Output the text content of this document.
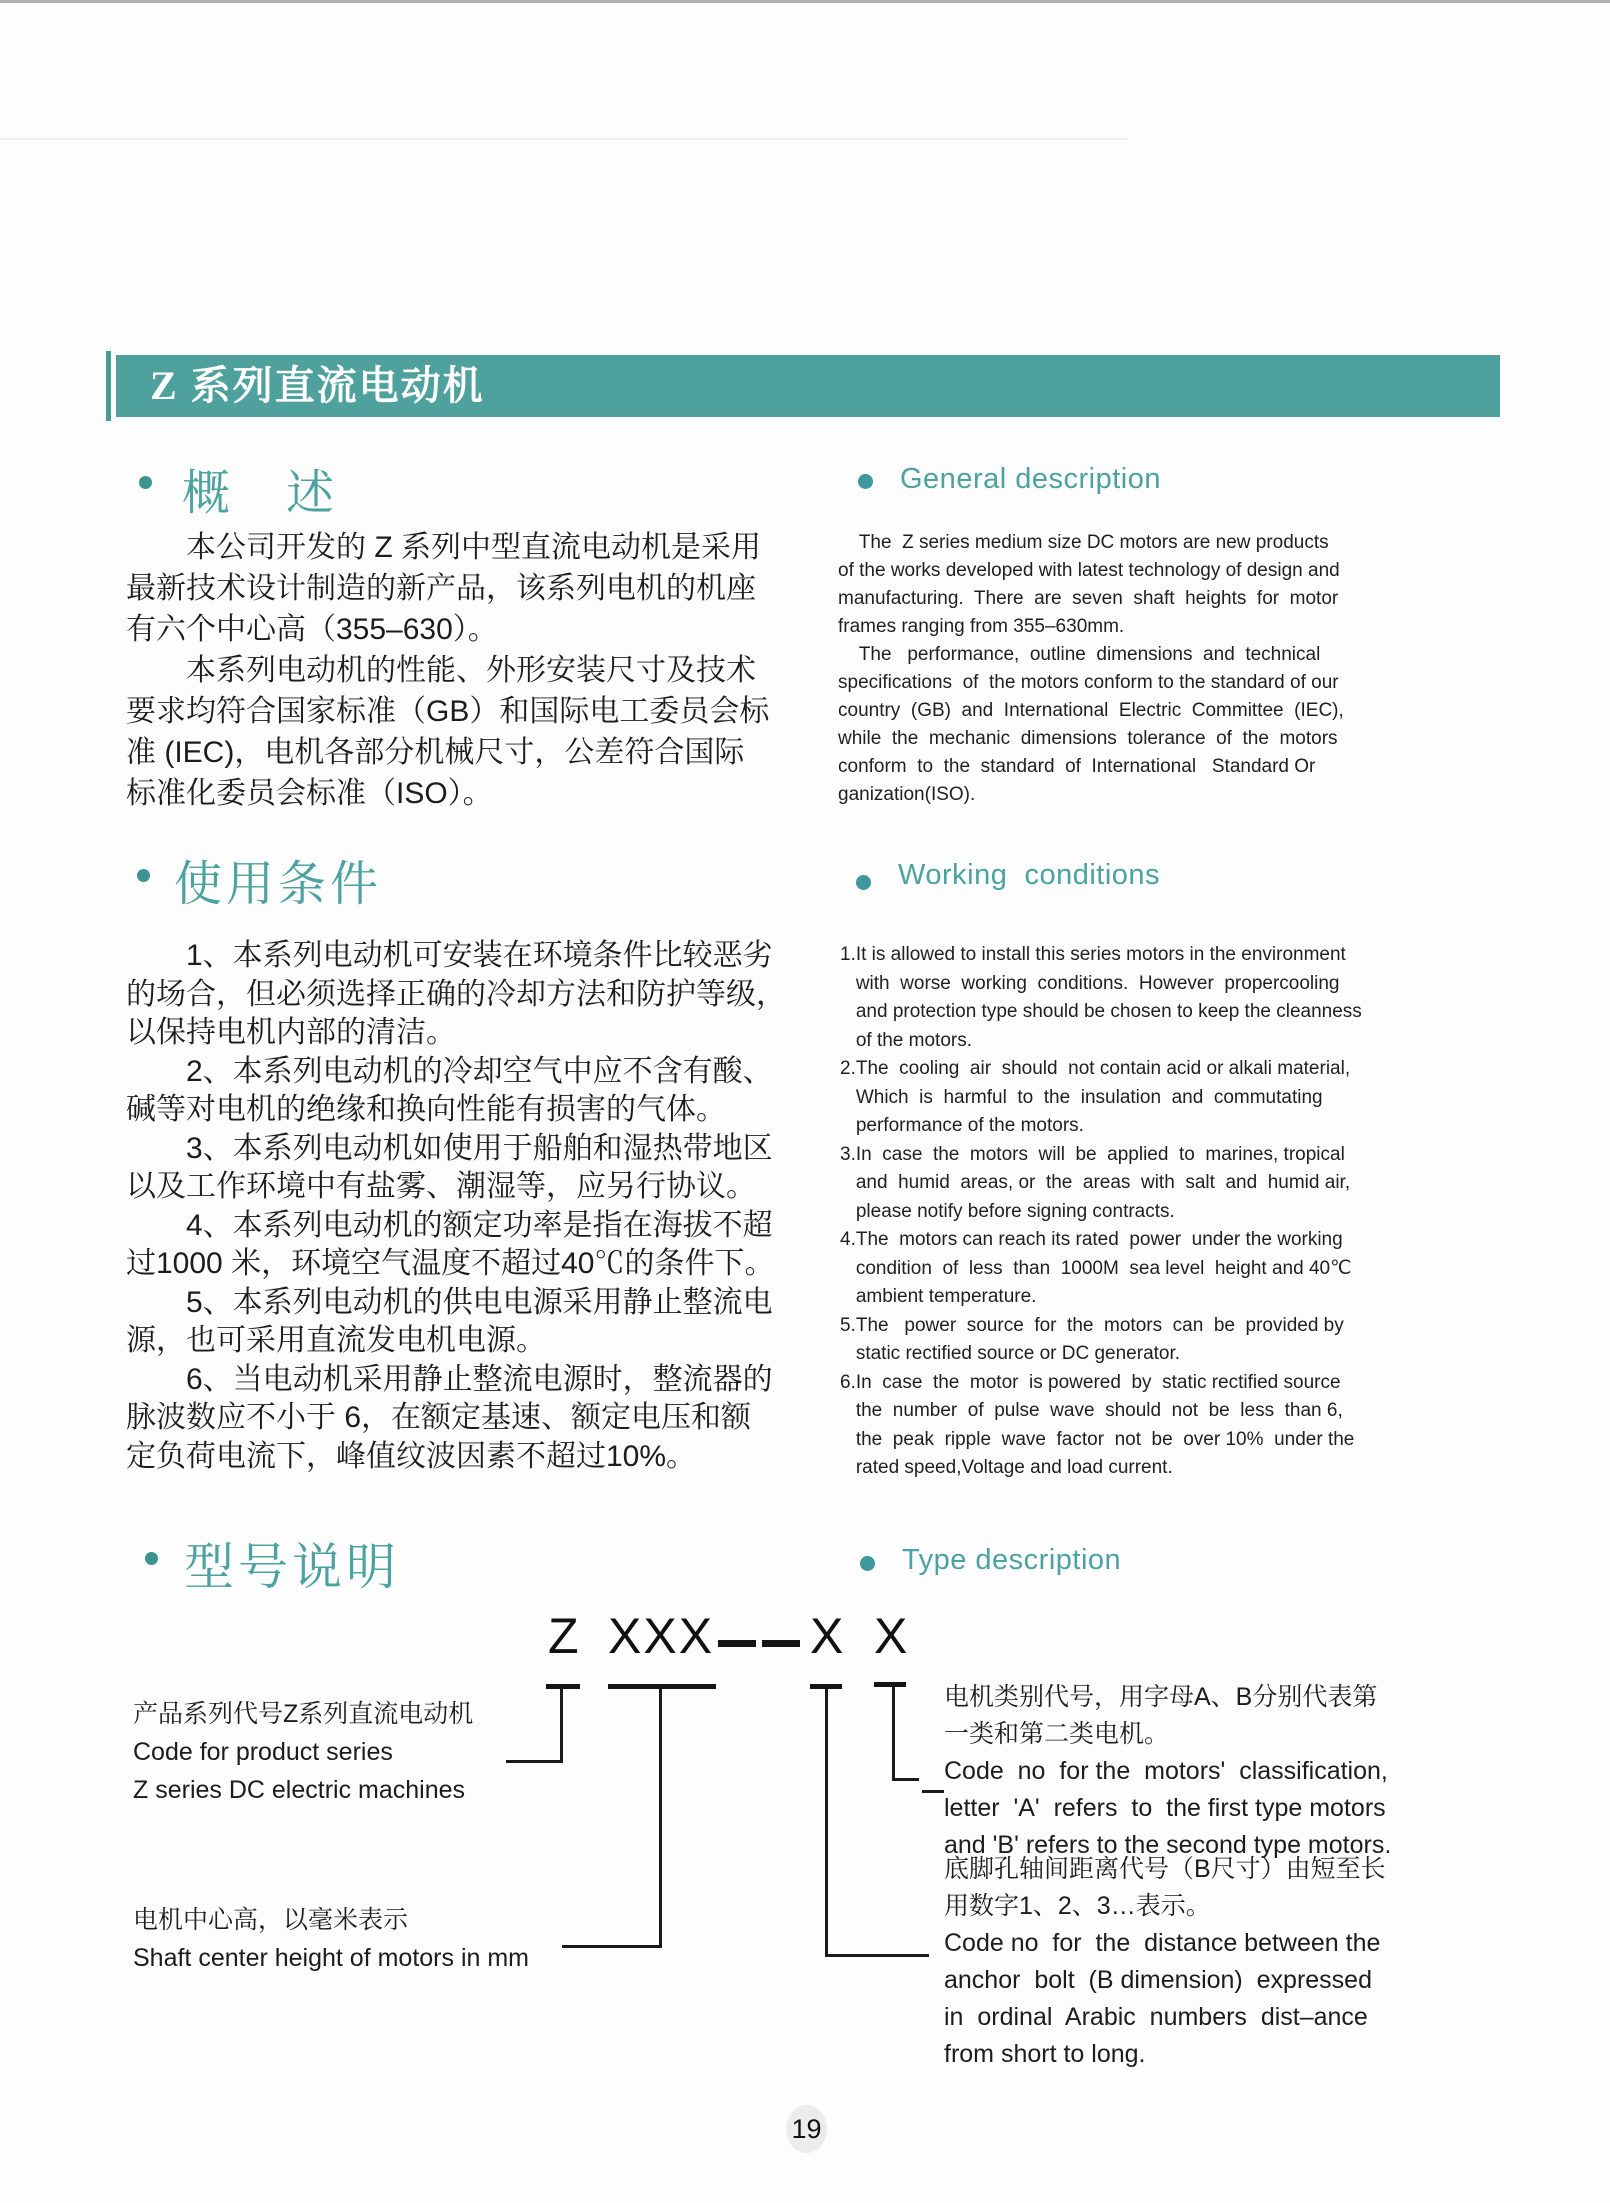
Z 系列直流电动机
概　述	General description
　　本公司开发的 Z 系列中型直流电动机是采用
最新技术设计制造的新产品，该系列电机的机座
有六个中心高（355–630）。
　　本系列电动机的性能、外形安装尺寸及技术
要求均符合国家标准（GB）和国际电工委员会标
准 (IEC)，电机各部分机械尺寸，公差符合国际
标准化委员会标准（ISO）。
The  Z series medium size DC motors are new products
of the works developed with latest technology of design and
manufacturing.  There  are  seven  shaft  heights  for  motor
frames ranging from 355–630mm.
The   performance,  outline  dimensions  and  technical
specifications  of  the motors conform to the standard of our
country  (GB)  and  International  Electric  Committee  (IEC),
while  the  mechanic  dimensions  tolerance  of  the  motors
conform  to  the  standard  of  International   Standard Or
ganization(ISO).
使用条件	Working  conditions
　　1、本系列电动机可安装在环境条件比较恶劣
的场合，但必须选择正确的冷却方法和防护等级，
以保持电机内部的清洁。
　　2、本系列电动机的冷却空气中应不含有酸、
碱等对电机的绝缘和换向性能有损害的气体。
　　3、本系列电动机如使用于船舶和湿热带地区
以及工作环境中有盐雾、潮湿等，应另行协议。
　　4、本系列电动机的额定功率是指在海拔不超
过1000 米，环境空气温度不超过40℃的条件下。
　　5、本系列电动机的供电电源采用静止整流电
源，也可采用直流发电机电源。
　　6、当电动机采用静止整流电源时，整流器的
脉波数应不小于 6，在额定基速、额定电压和额
定负荷电流下，峰值纹波因素不超过10%。
1.It is allowed to install this series motors in the environment
with  worse  working  conditions.  However  propercooling
and protection type should be chosen to keep the cleanness
of the motors.
2.The  cooling  air  should  not contain acid or alkali material,
Which  is  harmful  to  the  insulation  and  commutating
performance of the motors.
3.In  case  the  motors  will  be  applied  to  marines, tropical
and  humid  areas, or  the  areas  with  salt  and  humid air,
please notify before signing contracts.
4.The  motors can reach its rated  power  under the working
condition  of  less  than  1000M  sea level  height and 40℃
ambient temperature.
5.The   power  source  for  the  motors  can  be  provided by
static rectified source or DC generator.
6.In  case  the  motor  is powered  by  static rectified source
the  number  of  pulse  wave  should  not  be  less  than 6,
the  peak  ripple  wave  factor  not  be  over 10%  under the
rated speed,Voltage and load current.
型号说明	Type description
Z XXX X X
产品系列代号Z系列直流电动机
Code for product series
Z series DC electric machines
电机中心高，以毫米表示
Shaft center height of motors in mm
电机类别代号，用字母A、B分别代表第
一类和第二类电机。
Code  no  for the  motors'  classification,
letter  'A'  refers  to  the first type motors
and 'B' refers to the second type motors.
底脚孔轴间距离代号（B尺寸）由短至长
用数字1、2、3…表示。
Code no  for  the  distance between the
anchor  bolt  (B dimension)  expressed
in  ordinal  Arabic  numbers  dist–ance
from short to long.
19
